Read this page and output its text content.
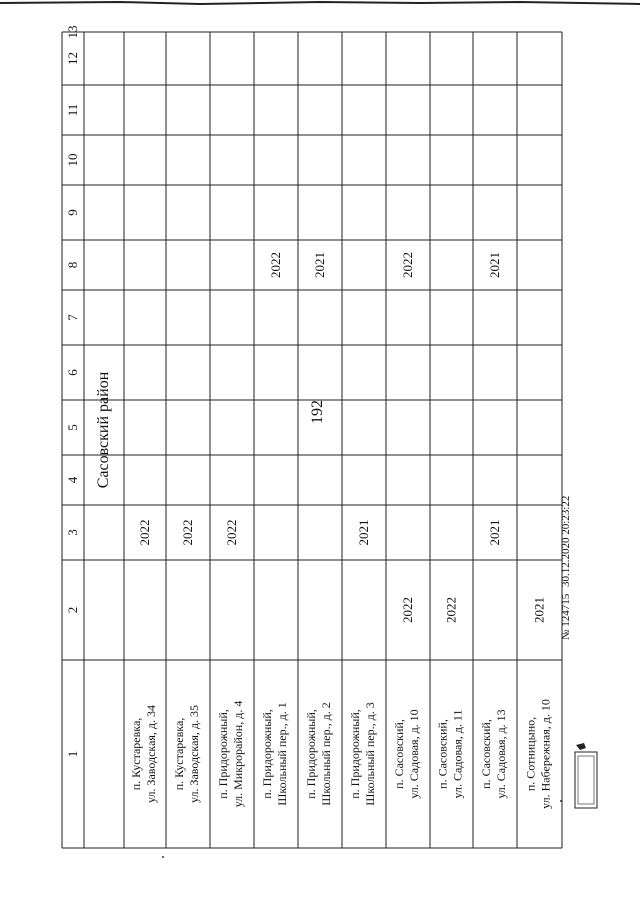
192
1
2
3
4
5
6
7
8
9
10
11
12
13
Сасовский район
п. Кустаревка, ул. Заводская, д. 34
2022
п. Кустаревка, ул. Заводская, д. 35
2022
п. Придорожный, ул. Микрорайон, д. 4
2022
п. Придорожный, Школьный пер., д. 1
2022
п. Придорожный, Школьный пер., д. 2
2021
п. Придорожный, Школьный пер., д. 3
2021
п. Сасовский, ул. Садовая, д. 10
2022
2022
п. Сасовский, ул. Садовая, д. 11
2022
п. Сасовский, ул. Садовая, д. 13
2021
2021
п. Сотницыно, ул. Набережная, д. 10
2021 № 124715 30.12.2020 20:23:22
